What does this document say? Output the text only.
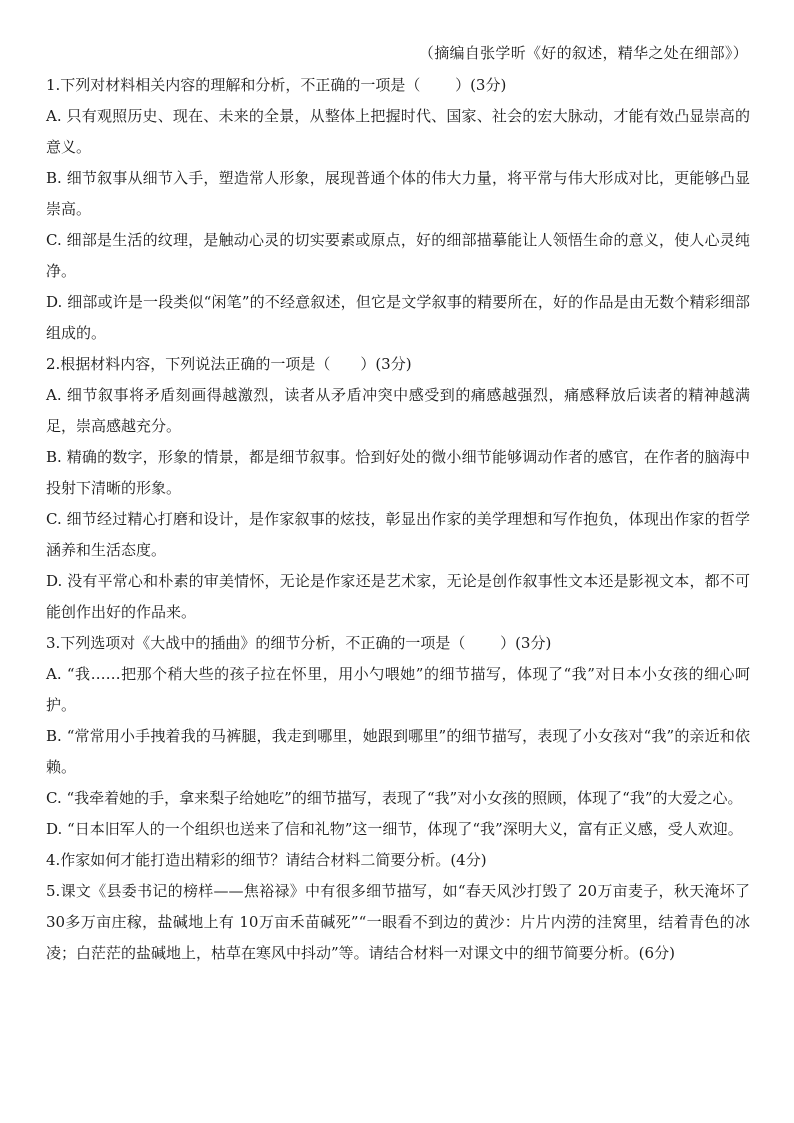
（摘编自张学昕《好的叙述，精华之处在细部》）

1.下列对材料相关内容的理解和分析，不正确的一项是（　　 ）(3分)

A. 只有观照历史、现在、未来的全景，从整体上把握时代、国家、社会的宏大脉动，才能有效凸显崇高的意义。

B. 细节叙事从细节入手，塑造常人形象，展现普通个体的伟大力量，将平常与伟大形成对比，更能够凸显崇高。

C. 细部是生活的纹理，是触动心灵的切实要素或原点，好的细部描摹能让人领悟生命的意义，使人心灵纯净。

D. 细部或许是一段类似“闲笔”的不经意叙述，但它是文学叙事的精要所在，好的作品是由无数个精彩细部组成的。

2.根据材料内容，下列说法正确的一项是（　　）(3分)

A. 细节叙事将矛盾刻画得越激烈，读者从矛盾冲突中感受到的痛感越强烈，痛感释放后读者的精神越满足，崇高感越充分。

B. 精确的数字，形象的情景，都是细节叙事。恰到好处的微小细节能够调动作者的感官，在作者的脑海中投射下清晰的形象。

C. 细节经过精心打磨和设计，是作家叙事的炫技，彰显出作家的美学理想和写作抱负，体现出作家的哲学涵养和生活态度。

D. 没有平常心和朴素的审美情怀，无论是作家还是艺术家，无论是创作叙事性文本还是影视文本，都不可能创作出好的作品来。

3.下列选项对《大战中的插曲》的细节分析，不正确的一项是（　　 ）(3分)

A. “我……把那个稍大些的孩子拉在怀里，用小勺喂她”的细节描写，体现了“我”对日本小女孩的细心呵护。

B. “常常用小手拽着我的马裤腿，我走到哪里，她跟到哪里”的细节描写，表现了小女孩对“我”的亲近和依赖。

C. “我牵着她的手，拿来梨子给她吃”的细节描写，表现了“我”对小女孩的照顾，体现了“我”的大爱之心。

D. “日本旧军人的一个组织也送来了信和礼物”这一细节，体现了“我”深明大义，富有正义感，受人欢迎。

4.作家如何才能打造出精彩的细节？请结合材料二简要分析。(4分)

5.课文《县委书记的榜样——焦裕禄》中有很多细节描写，如“春天风沙打毁了 20万亩麦子，秋天淹坏了 30多万亩庄稼，盐碱地上有 10万亩禾苗碱死”“一眼看不到边的黄沙：片片内涝的洼窝里，结着青色的冰凌；白茫茫的盐碱地上，枯草在寒风中抖动”等。请结合材料一对课文中的细节简要分析。(6分)
